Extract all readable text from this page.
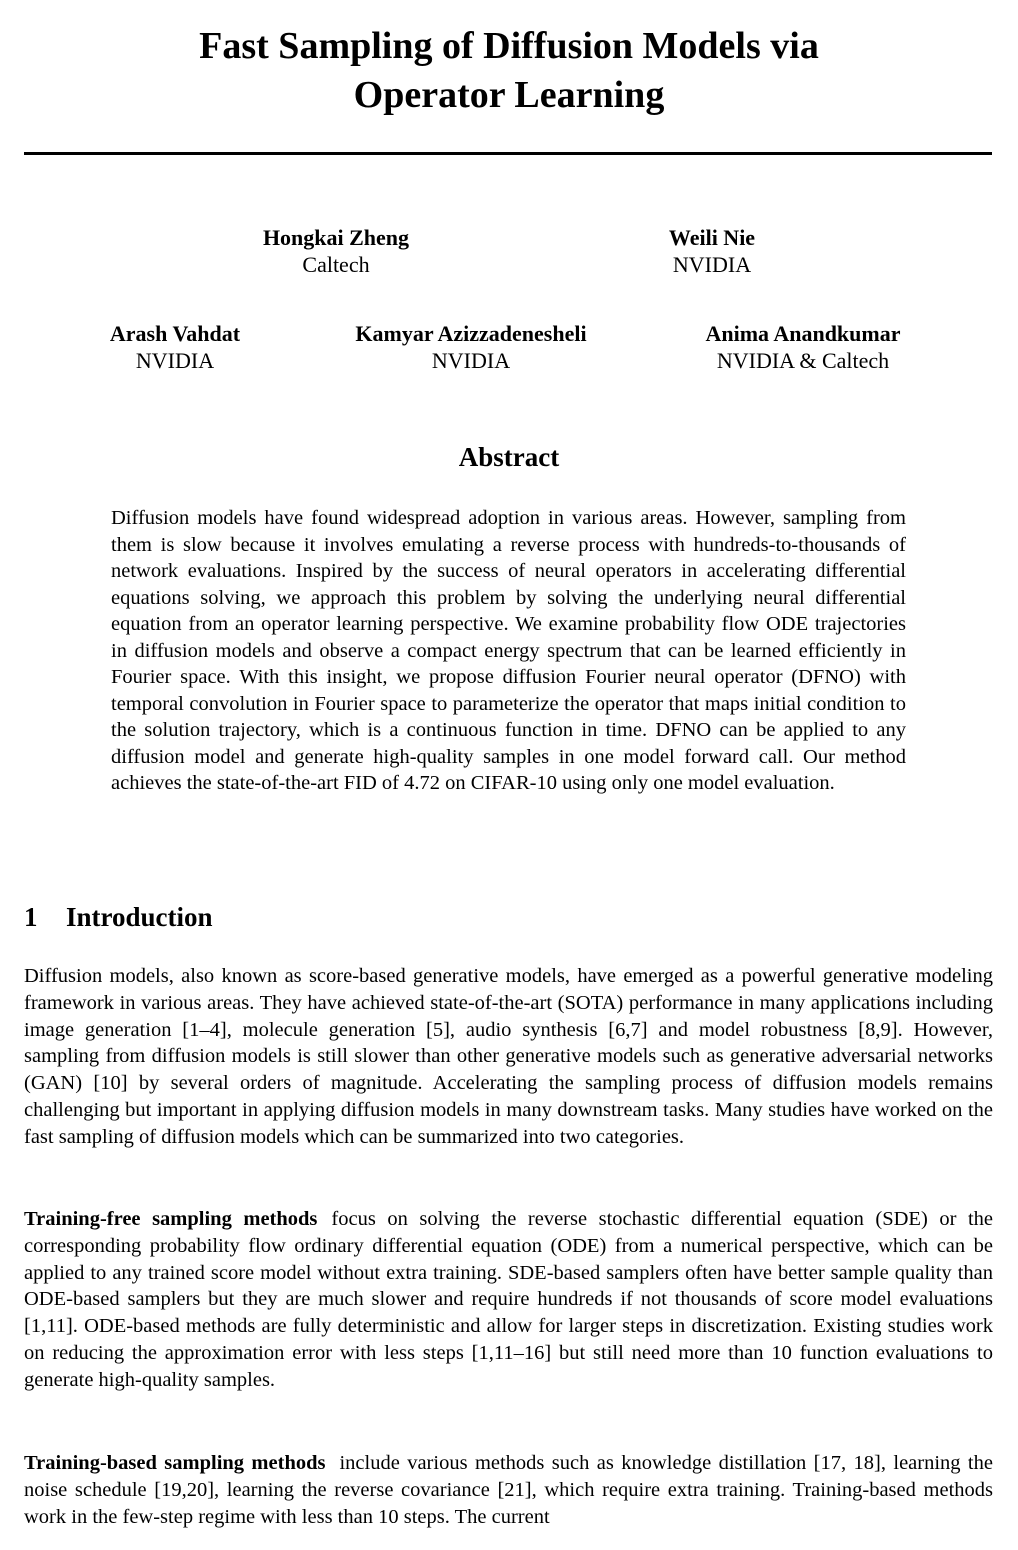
Fast Sampling of Diffusion Models via
Operator Learning
Hongkai Zheng
Caltech
Weili Nie
NVIDIA
Arash Vahdat
NVIDIA
Kamyar Azizzadenesheli
NVIDIA
Anima Anandkumar
NVIDIA & Caltech
Abstract
Diffusion models have found widespread adoption in various areas. However, sampling from them is slow because it involves emulating a reverse process with hundreds-to-thousands of network evaluations. Inspired by the success of neural operators in accelerating differential equations solving, we approach this problem by solving the underlying neural differential equation from an operator learning perspective. We examine probability flow ODE trajectories in diffusion models and observe a compact energy spectrum that can be learned efficiently in Fourier space. With this insight, we propose diffusion Fourier neural operator (DFNO) with temporal convolution in Fourier space to parameterize the operator that maps initial condition to the solution trajectory, which is a continuous function in time. DFNO can be applied to any diffusion model and generate high-quality samples in one model forward call. Our method achieves the state-of-the-art FID of 4.72 on CIFAR-10 using only one model evaluation.
1 Introduction
Diffusion models, also known as score-based generative models, have emerged as a powerful generative modeling framework in various areas. They have achieved state-of-the-art (SOTA) performance in many applications including image generation [1–4], molecule generation [5], audio synthesis [6,7] and model robustness [8,9]. However, sampling from diffusion models is still slower than other generative models such as generative adversarial networks (GAN) [10] by several orders of magnitude. Accelerating the sampling process of diffusion models remains challenging but important in applying diffusion models in many downstream tasks. Many studies have worked on the fast sampling of diffusion models which can be summarized into two categories.
Training-free sampling methods focus on solving the reverse stochastic differential equation (SDE) or the corresponding probability flow ordinary differential equation (ODE) from a numerical perspective, which can be applied to any trained score model without extra training. SDE-based samplers often have better sample quality than ODE-based samplers but they are much slower and require hundreds if not thousands of score model evaluations [1,11]. ODE-based methods are fully deterministic and allow for larger steps in discretization. Existing studies work on reducing the approximation error with less steps [1,11–16] but still need more than 10 function evaluations to generate high-quality samples.
Training-based sampling methods include various methods such as knowledge distillation [17, 18], learning the noise schedule [19,20], learning the reverse covariance [21], which require extra training. Training-based methods work in the few-step regime with less than 10 steps. The current
